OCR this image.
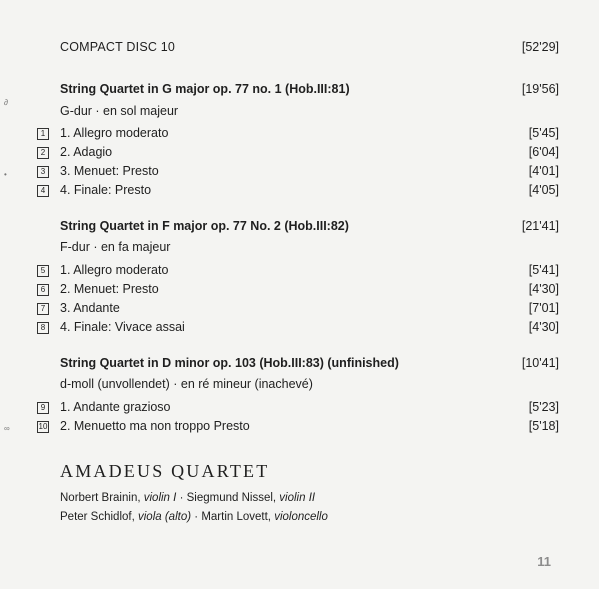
COMPACT DISC 10	[52'29]
∂
•
∞
String Quartet in G major op. 77 no. 1 (Hob.III:81)	[19'56]
G-dur · en sol majeur
1	1. Allegro moderato	[5'45]
2	2. Adagio	[6'04]
3	3. Menuet: Presto	[4'01]
4	4. Finale: Presto	[4'05]
String Quartet in F major op. 77 No. 2 (Hob.III:82)	[21'41]
F-dur · en fa majeur
5	1. Allegro moderato	[5'41]
6	2. Menuet: Presto	[4'30]
7	3. Andante	[7'01]
8	4. Finale: Vivace assai	[4'30]
String Quartet in D minor op. 103 (Hob.III:83) (unfinished)	[10'41]
d-moll (unvollendet) · en ré mineur (inachevé)
9	1. Andante grazioso	[5'23]
10 2. Menuetto ma non troppo Presto	[5'18]
AMADEUS QUARTET
Norbert Brainin, violin I · Siegmund Nissel, violin II
Peter Schidlof, viola (alto) · Martin Lovett, violoncello
11
